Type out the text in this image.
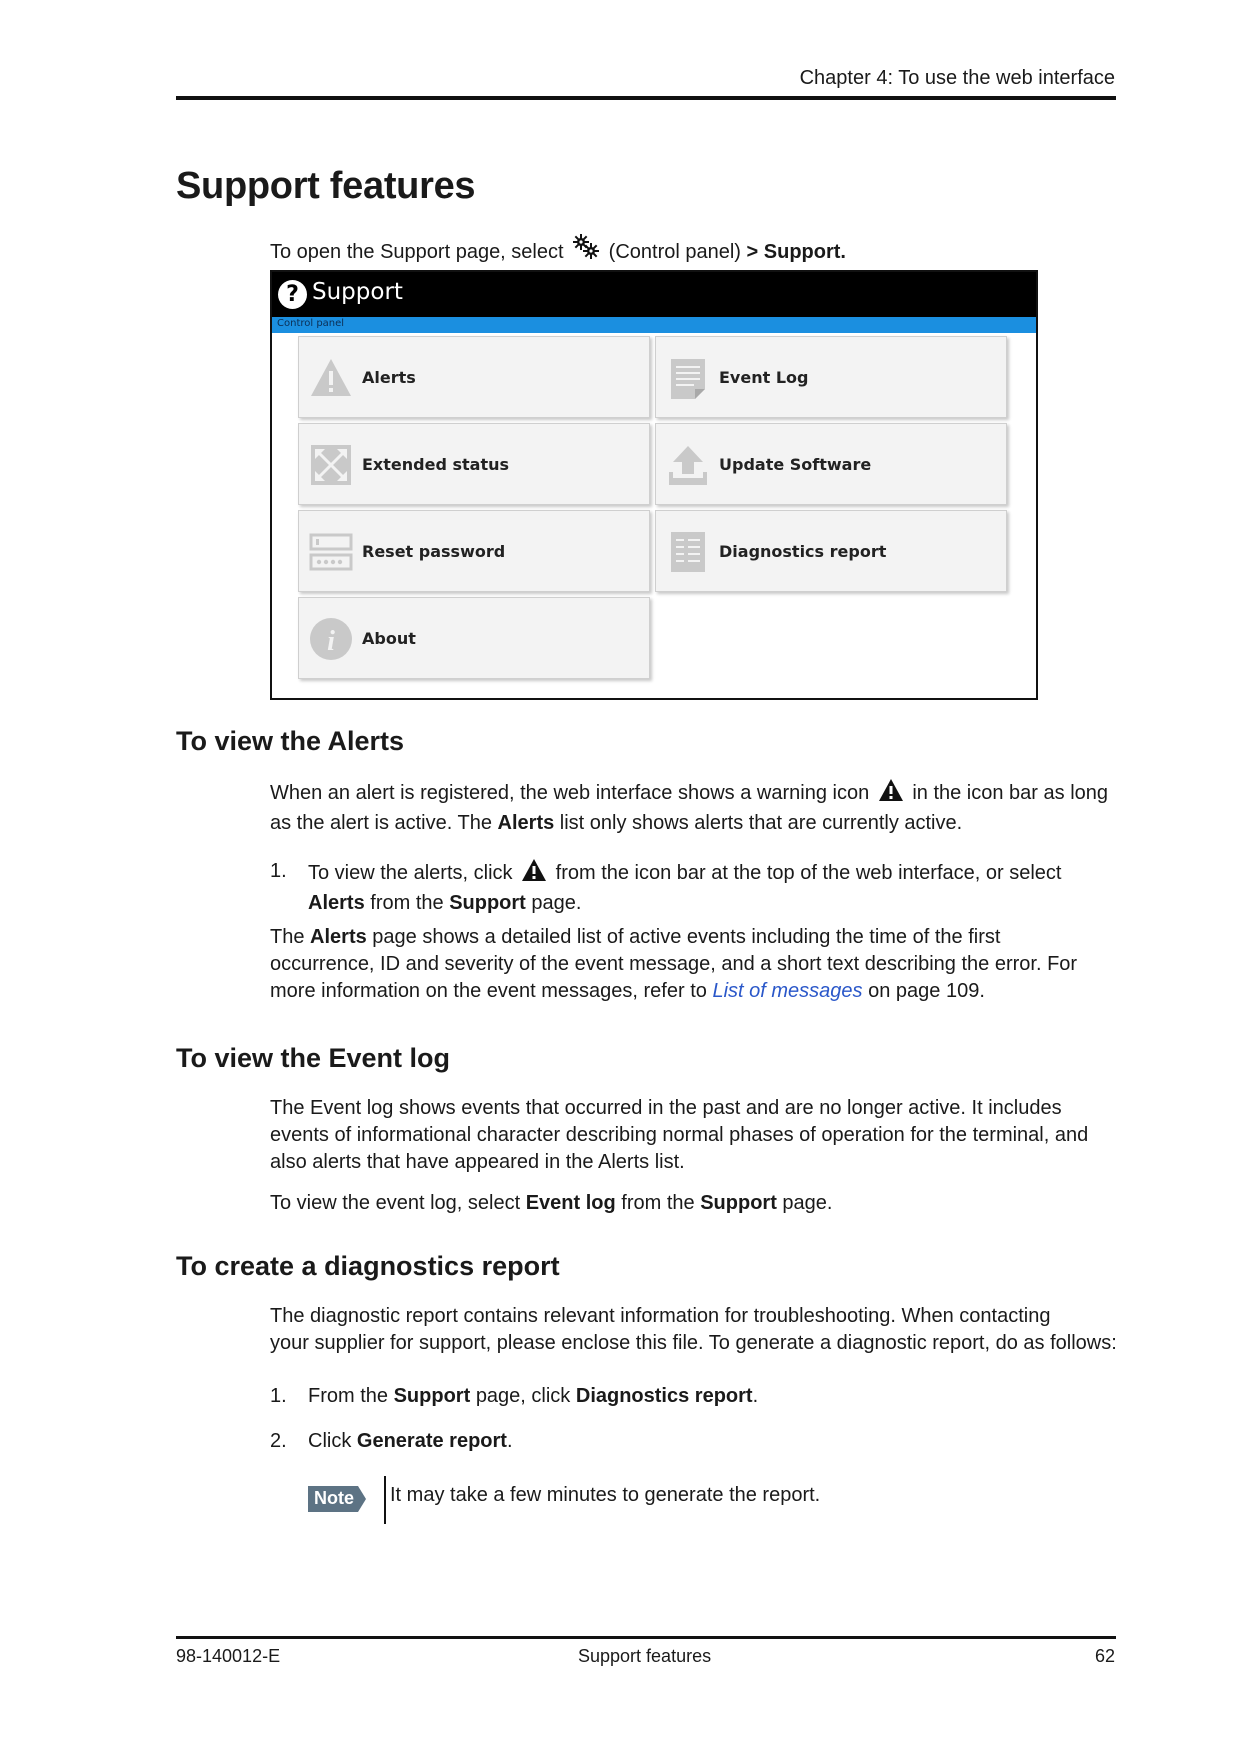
Chapter 4: To use the web interface
Support features
To open the Support page, select (Control panel) > Support.
? Support
Control panel
Alerts	Event Log
Extended status	Update Software
Reset password	Diagnostics report
i About
To view the Alerts
When an alert is registered, the web interface shows a warning icon in the icon bar as long
as the alert is active. The Alerts list only shows alerts that are currently active.
1. To view the alerts, click from the icon bar at the top of the web interface, or select
Alerts from the Support page.
The Alerts page shows a detailed list of active events including the time of the first
occurrence, ID and severity of the event message, and a short text describing the error. For
more information on the event messages, refer to List of messages on page 109.
To view the Event log
The Event log shows events that occurred in the past and are no longer active. It includes
events of informational character describing normal phases of operation for the terminal, and
also alerts that have appeared in the Alerts list.
To view the event log, select Event log from the Support page.
To create a diagnostics report
The diagnostic report contains relevant information for troubleshooting. When contacting
your supplier for support, please enclose this file. To generate a diagnostic report, do as follows:
1. From the Support page, click Diagnostics report.
2. Click Generate report.
Note It may take a few minutes to generate the report.
98-140012-E	Support features	62
